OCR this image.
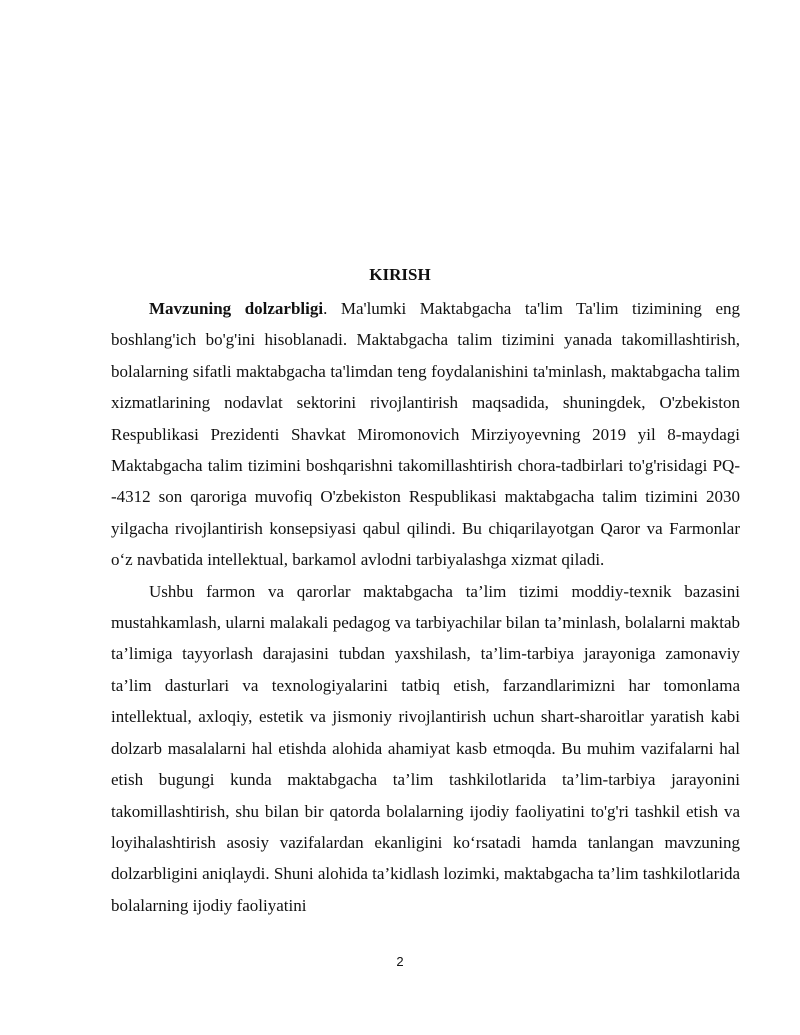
KIRISH

Mavzuning dolzarbligi. Ma'lumki Maktabgacha ta'lim Ta'lim tizimining eng boshlang'ich bo'g'ini hisoblanadi. Maktabgacha talim tizimini yanada takomillashtirish, bolalarning sifatli maktabgacha ta'limdan teng foydalanishini ta'minlash, maktabgacha talim xizmatlarining nodavlat sektorini rivojlantirish maqsadida, shuningdek, O'zbekiston Respublikasi Prezidenti Shavkat Miromonovich Mirziyoyevning 2019 yil 8-maydagi Maktabgacha talim tizimini boshqarishni takomillashtirish chora-tadbirlari to'g'risidagi PQ--4312 son qaroriga muvofiq O'zbekiston Respublikasi maktabgacha talim tizimini 2030 yilgacha rivojlantirish konsepsiyasi qabul qilindi. Bu chiqarilayotgan Qaror va Farmonlar o‘z navbatida intellektual, barkamol avlodni tarbiyalashga xizmat qiladi.

Ushbu farmon va qarorlar maktabgacha ta’lim tizimi moddiy-texnik bazasini mustahkamlash, ularni malakali pedagog va tarbiyachilar bilan ta’minlash, bolalarni maktab ta’limiga tayyorlash darajasini tubdan yaxshilash, ta’lim-tarbiya jarayoniga zamonaviy ta’lim dasturlari va texnologiyalarini tatbiq etish, farzandlarimizni har tomonlama intellektual, axloqiy, estetik va jismoniy rivojlantirish uchun shart-sharoitlar yaratish kabi dolzarb masalalarni hal etishda alohida ahamiyat kasb etmoqda. Bu muhim vazifalarni hal etish bugungi kunda maktabgacha ta’lim tashkilotlarida ta’lim-tarbiya jarayonini takomillashtirish, shu bilan bir qatorda bolalarning ijodiy faoliyatini to'g'ri tashkil etish va loyihalashtirish asosiy vazifalardan ekanligini ko‘rsatadi hamda tanlangan mavzuning dolzarbligini aniqlaydi. Shuni alohida ta’kidlash lozimki, maktabgacha ta’lim tashkilotlarida bolalarning ijodiy faoliyatini

2
